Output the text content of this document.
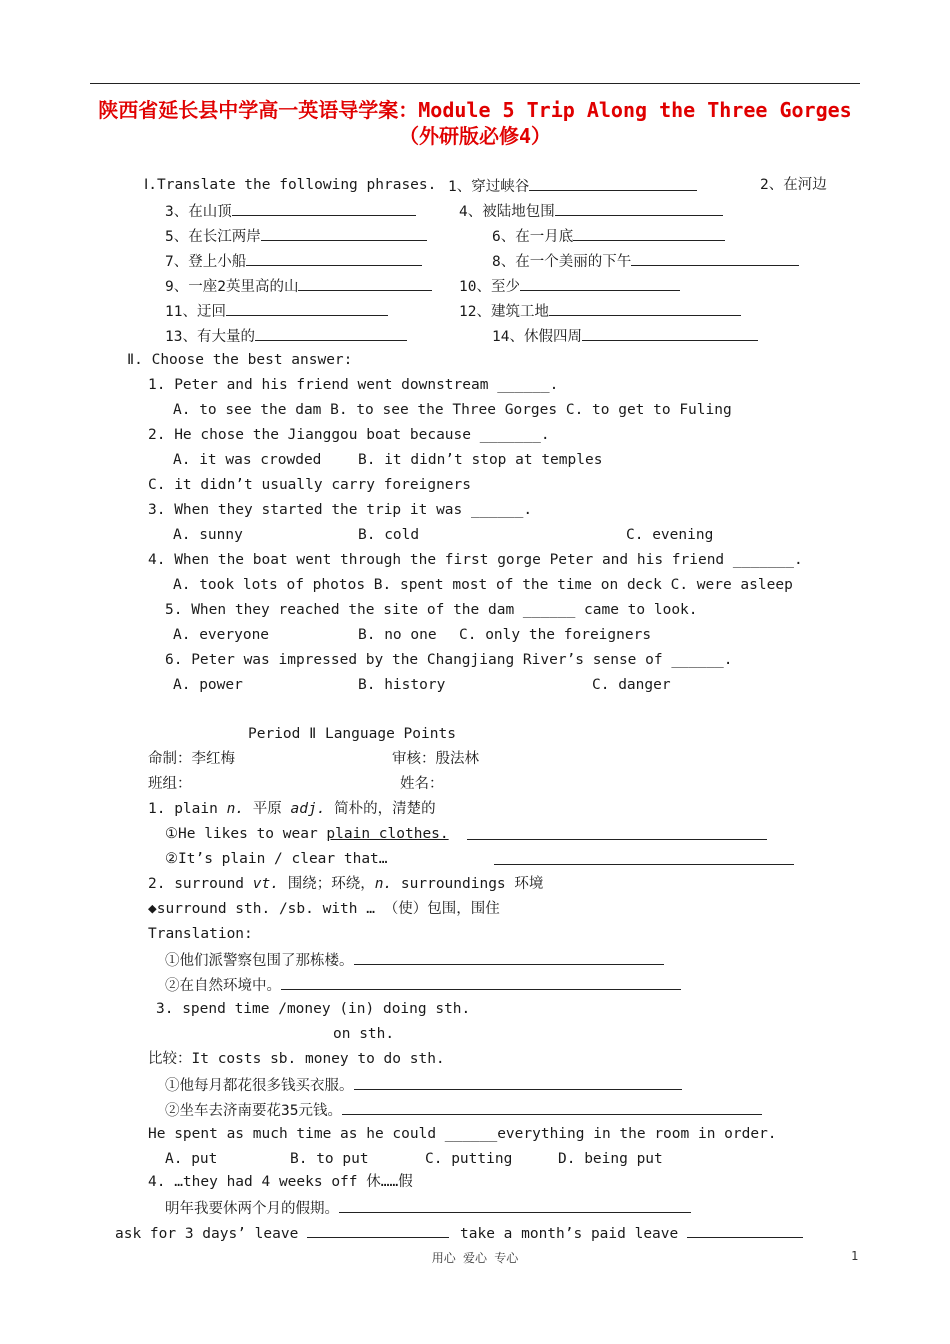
陕西省延长县中学高一英语导学案：Module 5 Trip Along the Three Gorges
（外研版必修4）
Ⅰ.Translate the following phrases. 1、穿过峡谷	2、在河边
3、在山顶	4、被陆地包围
5、在长江两岸	6、在一月底
7、登上小船	8、在一个美丽的下午
9、一座2英里高的山	10、至少
11、迂回	12、建筑工地
13、有大量的	14、休假四周
Ⅱ. Choose the best answer:
1. Peter and his friend went downstream ______.
A. to see the dam B. to see the Three Gorges C. to get to Fuling
2. He chose the Jianggou boat because _______.
A. it was crowded	B. it didn’t stop at temples
C. it didn’t usually carry foreigners
3. When they started the trip it was ______.
A. sunny	B. cold	C. evening
4. When the boat went through the first gorge Peter and his friend _______.
A. took lots of photos B. spent most of the time on deck C. were asleep
5. When they reached the site of the dam ______ came to look.
A. everyone	B. no one C. only the foreigners
6. Peter was impressed by the Changjiang River’s sense of ______.
A. power	B. history	C. danger
Period Ⅱ Language Points
命制：李红梅	审核：殷法林
班组：	姓名：
1. plain n. 平原 adj. 简朴的，清楚的
①He likes to wear plain clothes.
②It’s plain / clear that…
2. surround vt. 围绕；环绕，n. surroundings 环境
◆surround sth. /sb. with … （使）包围，围住
Translation:
①他们派警察包围了那栋楼。
②在自然环境中。
3. spend time /money (in) doing sth.
on sth.
比较：It costs sb. money to do sth.
①他每月都花很多钱买衣服。
②坐车去济南要花35元钱。
He spent as much time as he could ______everything in the room in order.
A. put	B. to put	C. putting	D. being put
4. …they had 4 weeks off 休……假
明年我要休两个月的假期。
ask for 3 days’ leave	take a month’s paid leave
用心 爱心 专心	1
